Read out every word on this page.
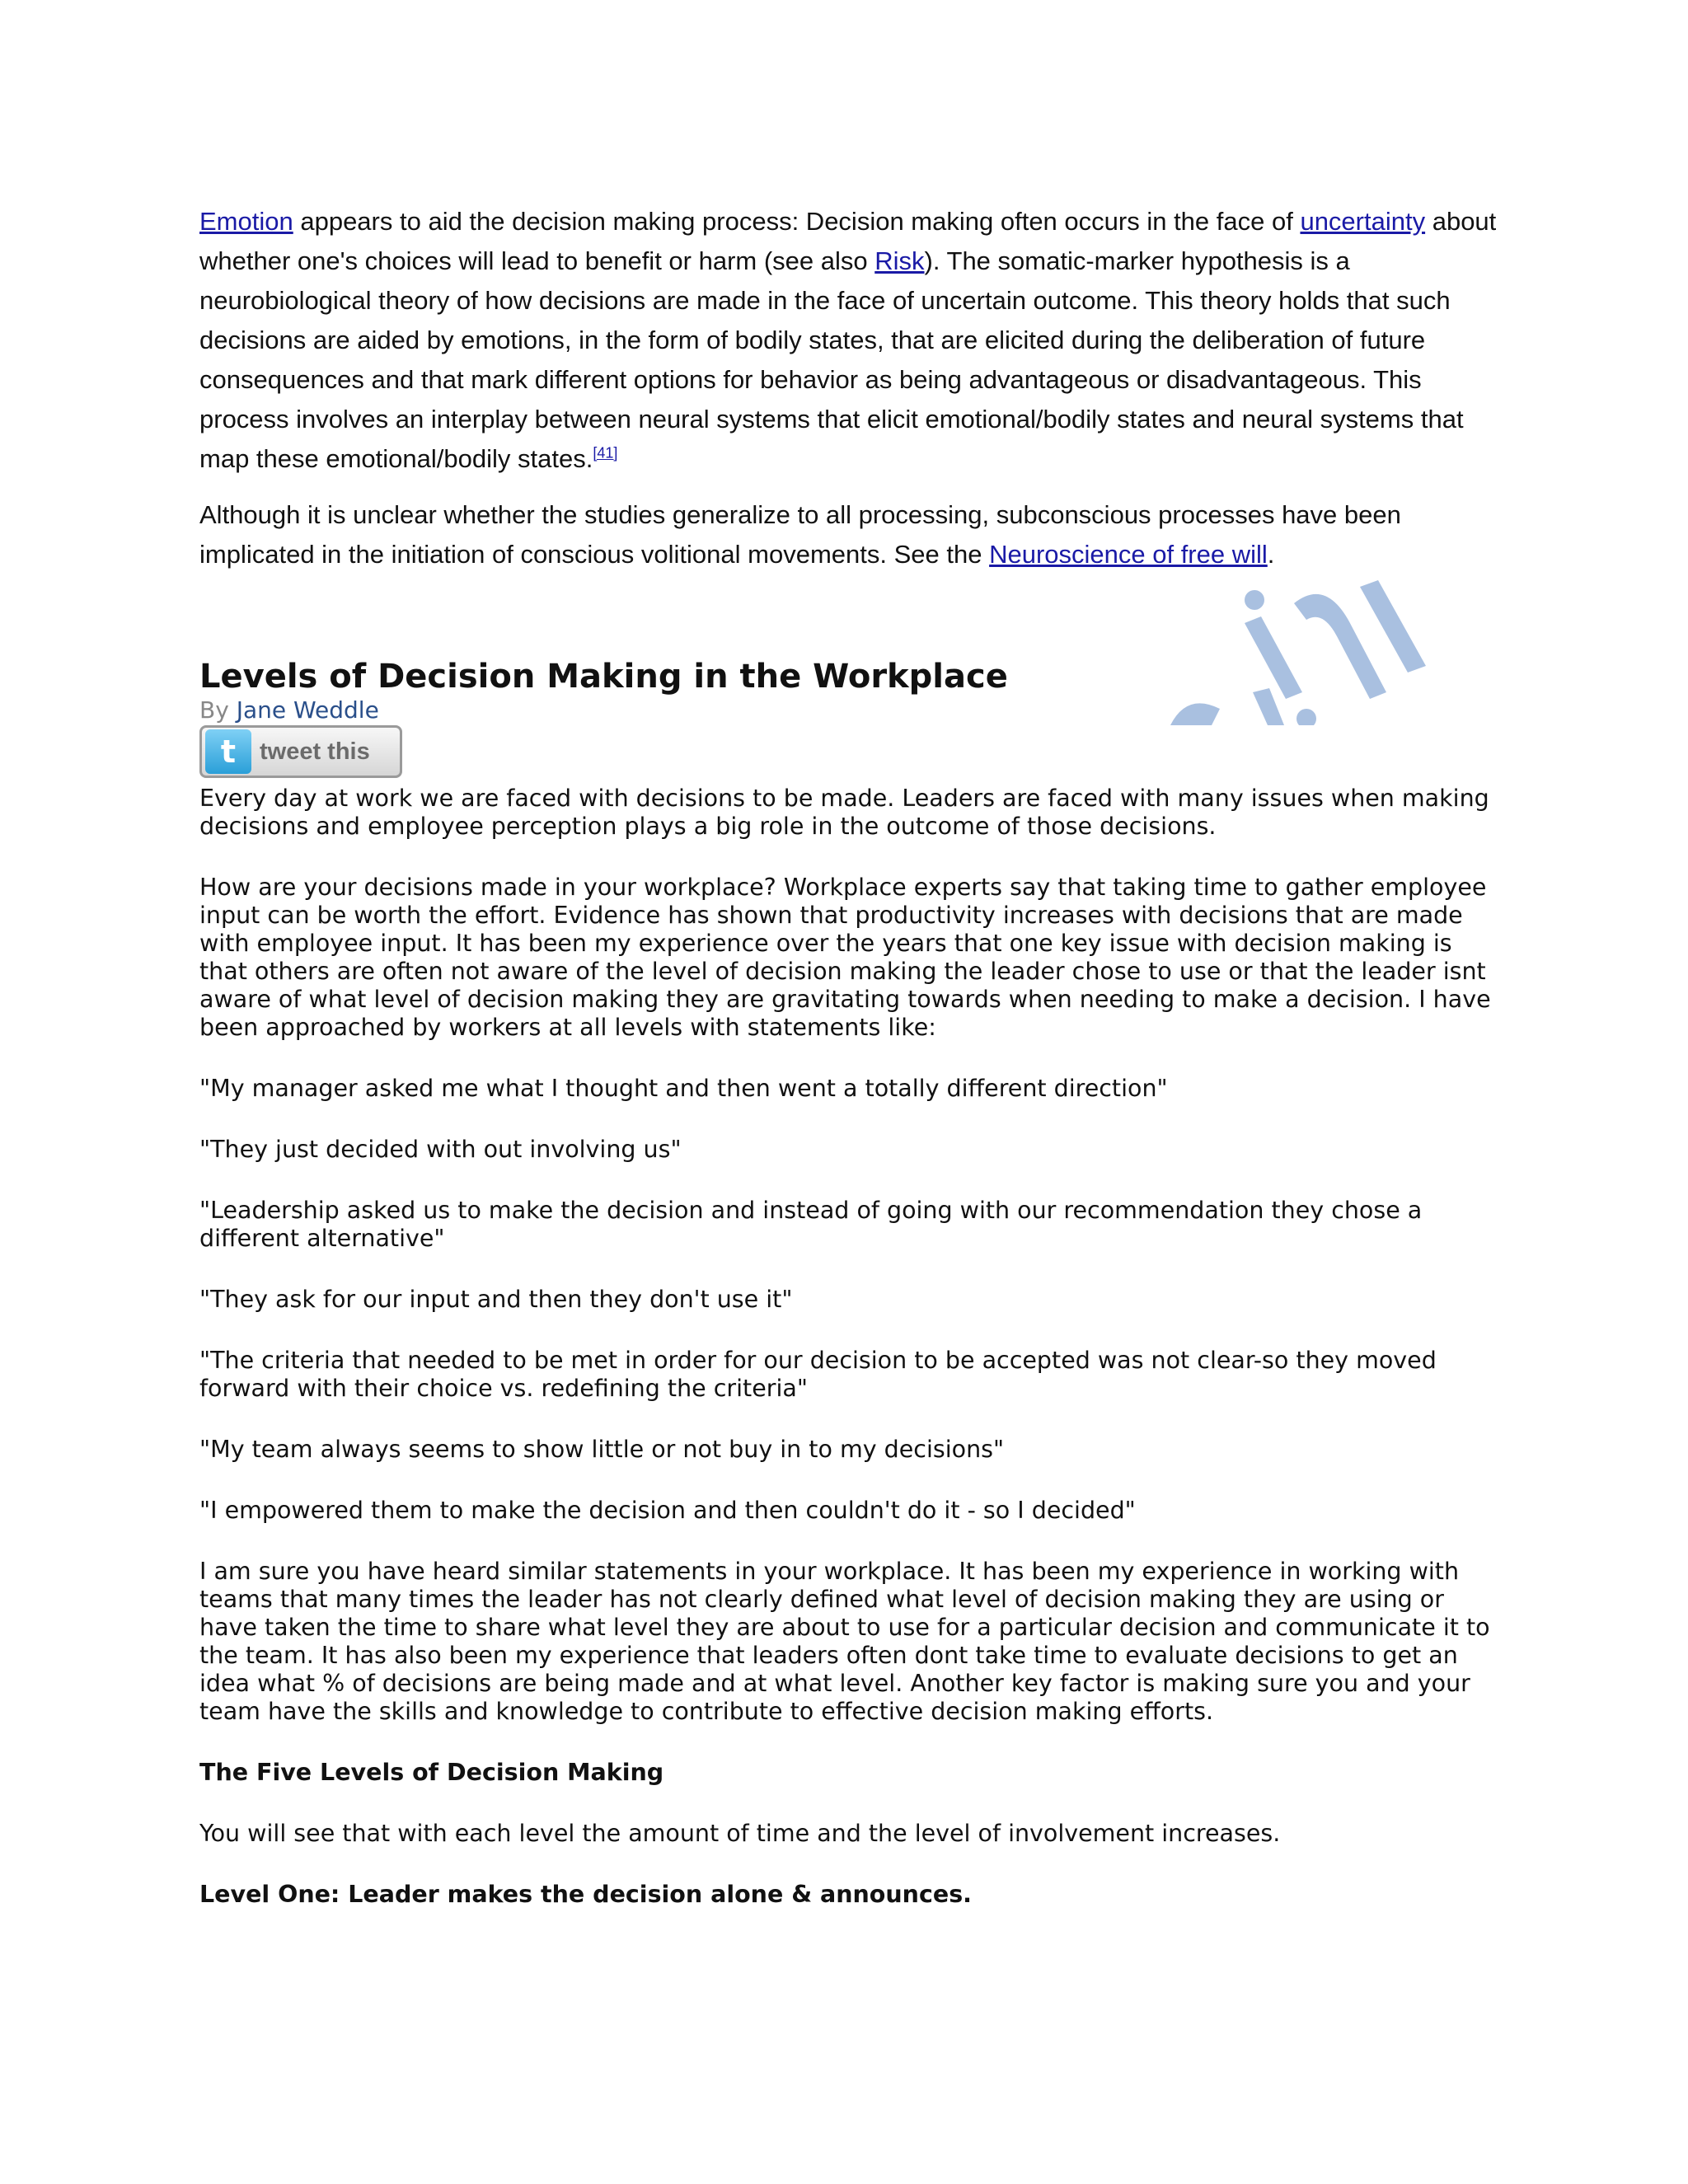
Emotion appears to aid the decision making process: Decision making often occurs in the face of uncertainty about whether one's choices will lead to benefit or harm (see also Risk). The somatic-marker hypothesis is a neurobiological theory of how decisions are made in the face of uncertain outcome. This theory holds that such decisions are aided by emotions, in the form of bodily states, that are elicited during the deliberation of future consequences and that mark different options for behavior as being advantageous or disadvantageous. This process involves an interplay between neural systems that elicit emotional/bodily states and neural systems that map these emotional/bodily states.[41]

Although it is unclear whether the studies generalize to all processing, subconscious processes have been implicated in the initiation of conscious volitional movements. See the Neuroscience of free will.

Levels of Decision Making in the Workplace
By Jane Weddle
t tweet this

Every day at work we are faced with decisions to be made. Leaders are faced with many issues when making decisions and employee perception plays a big role in the outcome of those decisions.

How are your decisions made in your workplace? Workplace experts say that taking time to gather employee input can be worth the effort. Evidence has shown that productivity increases with decisions that are made with employee input. It has been my experience over the years that one key issue with decision making is that others are often not aware of the level of decision making the leader chose to use or that the leader isnt aware of what level of decision making they are gravitating towards when needing to make a decision. I have been approached by workers at all levels with statements like:

"My manager asked me what I thought and then went a totally different direction"

"They just decided with out involving us"

"Leadership asked us to make the decision and instead of going with our recommendation they chose a different alternative"

"They ask for our input and then they don't use it"

"The criteria that needed to be met in order for our decision to be accepted was not clear-so they moved forward with their choice vs. redefining the criteria"

"My team always seems to show little or not buy in to my decisions"

"I empowered them to make the decision and then couldn't do it - so I decided"

I am sure you have heard similar statements in your workplace. It has been my experience in working with teams that many times the leader has not clearly defined what level of decision making they are using or have taken the time to share what level they are about to use for a particular decision and communicate it to the team. It has also been my experience that leaders often dont take time to evaluate decisions to get an idea what % of decisions are being made and at what level. Another key factor is making sure you and your team have the skills and knowledge to contribute to effective decision making efforts.

The Five Levels of Decision Making

You will see that with each level the amount of time and the level of involvement increases.

Level One: Leader makes the decision alone & announces.
